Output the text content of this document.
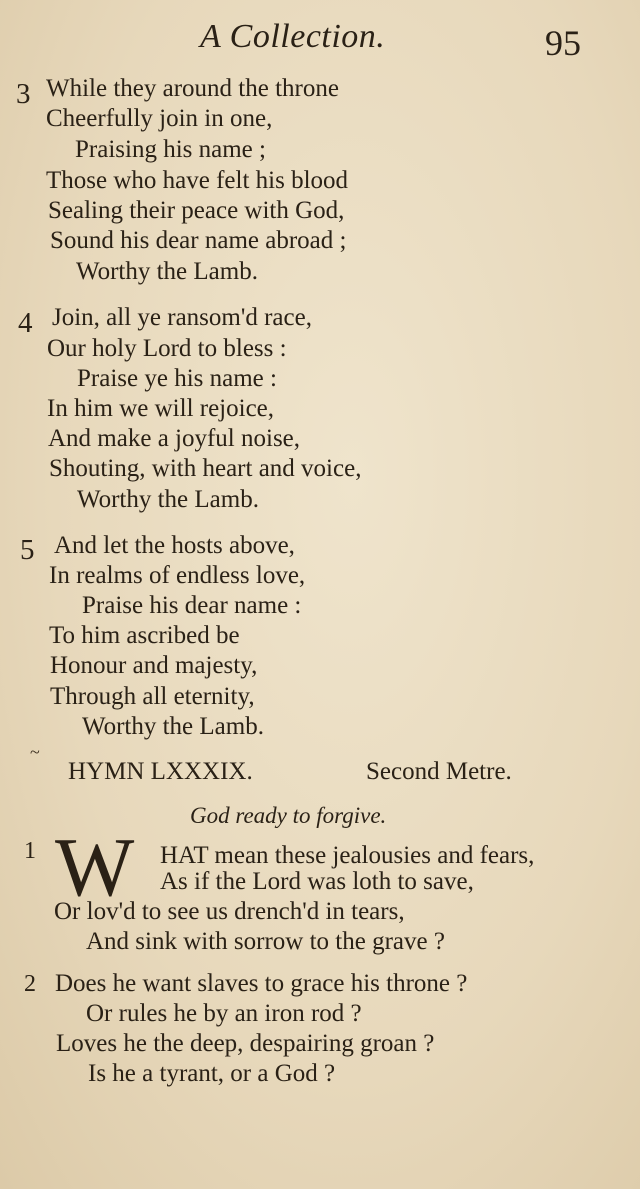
A Collection.	95
3 While they around the throne
Cheerfully join in one,
Praising his name ;
Those who have felt his blood
Sealing their peace with God,
Sound his dear name abroad ;
Worthy the Lamb.
4 Join, all ye ransom'd race,
Our holy Lord to bless :
Praise ye his name :
In him we will rejoice,
And make a joyful noise,
Shouting, with heart and voice,
Worthy the Lamb.
5 And let the hosts above,
In realms of endless love,
Praise his dear name :
To him ascribed be
Honour and majesty,
Through all eternity,
Worthy the Lamb.
~
HYMN LXXXIX.	Second Metre.
God ready to forgive.
1 W HAT mean these jealousies and fears,
As if the Lord was loth to save,
Or lov'd to see us drench'd in tears,
And sink with sorrow to the grave ?
2 Does he want slaves to grace his throne ?
Or rules he by an iron rod ?
Loves he the deep, despairing groan ?
Is he a tyrant, or a God ?
